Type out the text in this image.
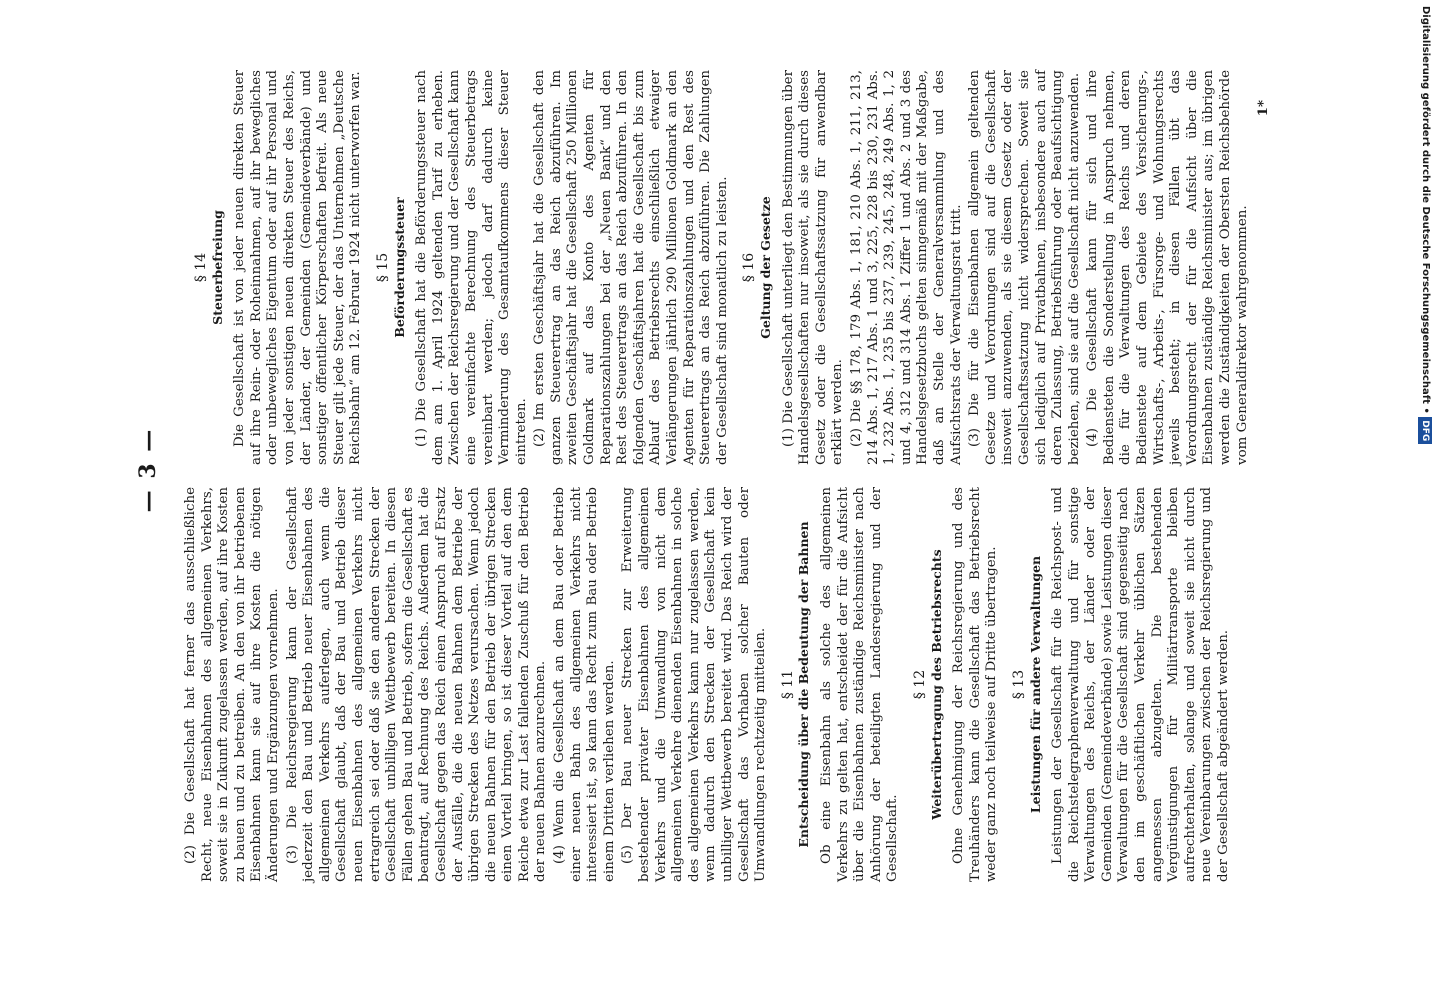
— 3 —

(2) Die Gesellschaft hat ferner das ausschließliche Recht, neue Eisenbahnen des allgemeinen Verkehrs, soweit sie in Zukunft zugelassen werden, auf ihre Kosten zu bauen und zu betreiben. An den von ihr betriebenen Eisenbahnen kann sie auf ihre Kosten die nötigen Änderungen und Ergänzungen vornehmen. (3) Die Reichsregierung kann der Gesellschaft jederzeit den Bau und Betrieb neuer Eisenbahnen des allgemeinen Verkehrs auferlegen, auch wenn die Gesellschaft glaubt, daß der Bau und Betrieb dieser neuen Eisenbahnen des allgemeinen Verkehrs nicht ertragreich sei oder daß sie den anderen Strecken der Gesellschaft unbilligen Wettbewerb bereiten. In diesen Fällen gehen Bau und Betrieb, sofern die Gesellschaft es beantragt, auf Rechnung des Reichs. Außerdem hat die Gesellschaft gegen das Reich einen Anspruch auf Ersatz der Ausfälle, die die neuen Bahnen dem Betriebe der übrigen Strecken des Netzes verursachen. Wenn jedoch die neuen Bahnen für den Betrieb der übrigen Strecken einen Vorteil bringen, so ist dieser Vorteil auf den dem Reiche etwa zur Last fallenden Zuschuß für den Betrieb der neuen Bahnen anzurechnen. (4) Wenn die Gesellschaft an dem Bau oder Betrieb einer neuen Bahn des allgemeinen Verkehrs nicht interessiert ist, so kann das Recht zum Bau oder Betrieb einem Dritten verliehen werden. (5) Der Bau neuer Strecken zur Erweiterung bestehender privater Eisenbahnen des allgemeinen Verkehrs und die Umwandlung von nicht dem allgemeinen Verkehre dienenden Eisenbahnen in solche des allgemeinen Verkehrs kann nur zugelassen werden, wenn dadurch den Strecken der Gesellschaft kein unbilliger Wettbewerb bereitet wird. Das Reich wird der Gesellschaft das Vorhaben solcher Bauten oder Umwandlungen rechtzeitig mitteilen. § 11 Entscheidung über die Bedeutung der Bahnen Ob eine Eisenbahn als solche des allgemeinen Verkehrs zu gelten hat, entscheidet der für die Aufsicht über die Eisenbahnen zuständige Reichsminister nach Anhörung der beteiligten Landesregierung und der Gesellschaft.

§ 12 Weiterübertragung des Betriebsrechts Ohne Genehmigung der Reichsregierung und des Treuhänders kann die Gesellschaft das Betriebsrecht weder ganz noch teilweise auf Dritte übertragen. § 13 Leistungen für andere Verwaltungen Leistungen der Gesellschaft für die Reichspost- und die Reichstelegraphenverwaltung und für sonstige Verwaltungen des Reichs, der Länder oder der Gemeinden (Gemeindeverbände) sowie Leistungen dieser Verwaltungen für die Gesellschaft sind gegenseitig nach den im geschäftlichen Verkehr üblichen Sätzen angemessen abzugelten. Die bestehenden Vergünstigungen für Militärtransporte bleiben aufrechterhalten, solange und soweit sie nicht durch neue Vereinbarungen zwischen der Reichsregierung und der Gesellschaft abgeändert werden.

§ 14 Steuerbefreiung Die Gesellschaft ist von jeder neuen direkten Steuer auf ihre Rein- oder Roheinnahmen, auf ihr bewegliches oder unbewegliches Eigentum oder auf ihr Personal und von jeder sonstigen neuen direkten Steuer des Reichs, der Länder, der Gemeinden (Gemeindeverbände) und sonstiger öffentlicher Körperschaften befreit. Als neue Steuer gilt jede Steuer, der das Unternehmen „Deutsche Reichsbahn“ am 12. Februar 1924 nicht unterworfen war. § 15 Beförderungssteuer (1) Die Gesellschaft hat die Beförderungssteuer nach dem am 1. April 1924 geltenden Tarif zu erheben. Zwischen der Reichsregierung und der Gesellschaft kann eine vereinfachte Berechnung des Steuerbetrags vereinbart werden; jedoch darf dadurch keine Verminderung des Gesamtaufkommens dieser Steuer eintreten. (2) Im ersten Geschäftsjahr hat die Gesellschaft den ganzen Steuerertrag an das Reich abzuführen. Im zweiten Geschäftsjahr hat die Gesellschaft 250 Millionen Goldmark auf das Konto des Agenten für Reparationszahlungen bei der „Neuen Bank“ und den Rest des Steuerertrags an das Reich abzuführen. In den folgenden Geschäftsjahren hat die Gesellschaft bis zum Ablauf des Betriebsrechts einschließlich etwaiger Verlängerungen jährlich 290 Millionen Goldmark an den Agenten für Reparationszahlungen und den Rest des Steuerertrags an das Reich abzuführen. Die Zahlungen der Gesellschaft sind monatlich zu leisten. § 16 Geltung der Gesetze (1) Die Gesellschaft unterliegt den Bestimmungen über Handelsgesellschaften nur insoweit, als sie durch dieses Gesetz oder die Gesellschaftssatzung für anwendbar erklärt werden. (2) Die §§ 178, 179 Abs. 1, 181, 210 Abs. 1, 211, 213, 214 Abs. 1, 217 Abs. 1 und 3, 225, 228 bis 230, 231 Abs. 1, 232 Abs. 1, 235 bis 237, 239, 245, 248, 249 Abs. 1, 2 und 4, 312 und 314 Abs. 1 Ziffer 1 und Abs. 2 und 3 des Handelsgesetzbuchs gelten sinngemäß mit der Maßgabe, daß an Stelle der Generalversammlung und des Aufsichtsrats der Verwaltungsrat tritt. (3) Die für die Eisenbahnen allgemein geltenden Gesetze und Verordnungen sind auf die Gesellschaft insoweit anzuwenden, als sie diesem Gesetz oder der Gesellschaftssatzung nicht widersprechen. Soweit sie sich lediglich auf Privatbahnen, insbesondere auch auf deren Zulassung, Betriebsführung oder Beaufsichtigung beziehen, sind sie auf die Gesellschaft nicht anzuwenden. (4) Die Gesellschaft kann für sich und ihre Bediensteten die Sonderstellung in Anspruch nehmen, die für die Verwaltungen des Reichs und deren Bedienstete auf dem Gebiete des Versicherungs-, Wirtschafts-, Arbeits-, Fürsorge- und Wohnungsrechts jeweils besteht; in diesen Fällen übt das Verordnungsrecht der für die Aufsicht über die Eisenbahnen zuständige Reichsminister aus; im übrigen werden die Zuständigkeiten der Obersten Reichsbehörde vom Generaldirektor wahrgenommen.

1*	Digitalisierung gefördert durch die Deutsche Forschungsgemeinschaft • DFG
